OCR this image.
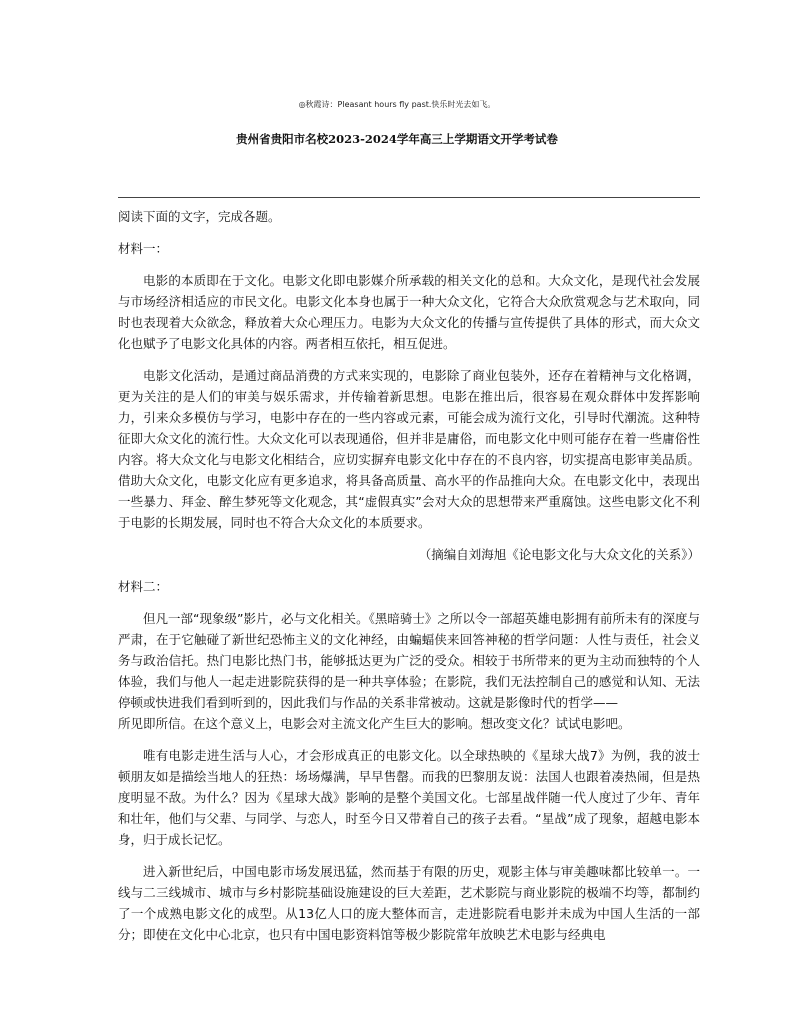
◎秋霞诗：Pleasant hours fly past.快乐时光去如飞。
贵州省贵阳市名校2023-2024学年高三上学期语文开学考试卷

阅读下面的文字，完成各题。

材料一：

电影的本质即在于文化。电影文化即电影媒介所承载的相关文化的总和。大众文化，是现代社会发展与市场经济相适应的市民文化。电影文化本身也属于一种大众文化，它符合大众欣赏观念与艺术取向，同时也表现着大众欲念，释放着大众心理压力。电影为大众文化的传播与宣传提供了具体的形式，而大众文化也赋予了电影文化具体的内容。两者相互依托，相互促进。

电影文化活动，是通过商品消费的方式来实现的，电影除了商业包装外，还存在着精神与文化格调，更为关注的是人们的审美与娱乐需求，并传输着新思想。电影在推出后，很容易在观众群体中发挥影响力，引来众多模仿与学习，电影中存在的一些内容或元素，可能会成为流行文化，引导时代潮流。这种特征即大众文化的流行性。大众文化可以表现通俗，但并非是庸俗，而电影文化中则可能存在着一些庸俗性内容。将大众文化与电影文化相结合，应切实摒弃电影文化中存在的不良内容，切实提高电影审美品质。借助大众文化，电影文化应有更多追求，将具备高质量、高水平的作品推向大众。在电影文化中，表现出一些暴力、拜金、醉生梦死等文化观念，其“虚假真实”会对大众的思想带来严重腐蚀。这些电影文化不利于电影的长期发展，同时也不符合大众文化的本质要求。

（摘编自刘海旭《论电影文化与大众文化的关系》）

材料二：

但凡一部“现象级”影片，必与文化相关。《黑暗骑士》之所以令一部超英雄电影拥有前所未有的深度与严肃，在于它触碰了新世纪恐怖主义的文化神经，由蝙蝠侠来回答神秘的哲学问题：人性与责任，社会义务与政治信托。热门电影比热门书，能够抵达更为广泛的受众。相较于书所带来的更为主动而独特的个人体验，我们与他人一起走进影院获得的是一种共享体验；在影院，我们无法控制自己的感觉和认知、无法停顿或快进我们看到听到的，因此我们与作品的关系非常被动。这就是影像时代的哲学——

所见即所信。在这个意义上，电影会对主流文化产生巨大的影响。想改变文化？试试电影吧。

唯有电影走进生活与人心，才会形成真正的电影文化。以全球热映的《星球大战7》为例，我的波士顿朋友如是描绘当地人的狂热：场场爆满，早早售罄。而我的巴黎朋友说：法国人也跟着凑热闹，但是热度明显不敌。为什么？因为《星球大战》影响的是整个美国文化。七部星战伴随一代人度过了少年、青年和壮年，他们与父辈、与同学、与恋人，时至今日又带着自己的孩子去看。“星战”成了现象，超越电影本身，归于成长记忆。

进入新世纪后，中国电影市场发展迅猛，然而基于有限的历史，观影主体与审美趣味都比较单一。一线与二三线城市、城市与乡村影院基础设施建设的巨大差距，艺术影院与商业影院的极端不均等，都制约了一个成熟电影文化的成型。从13亿人口的庞大整体而言，走进影院看电影并未成为中国人生活的一部分；即使在文化中心北京，也只有中国电影资料馆等极少影院常年放映艺术电影与经典电
